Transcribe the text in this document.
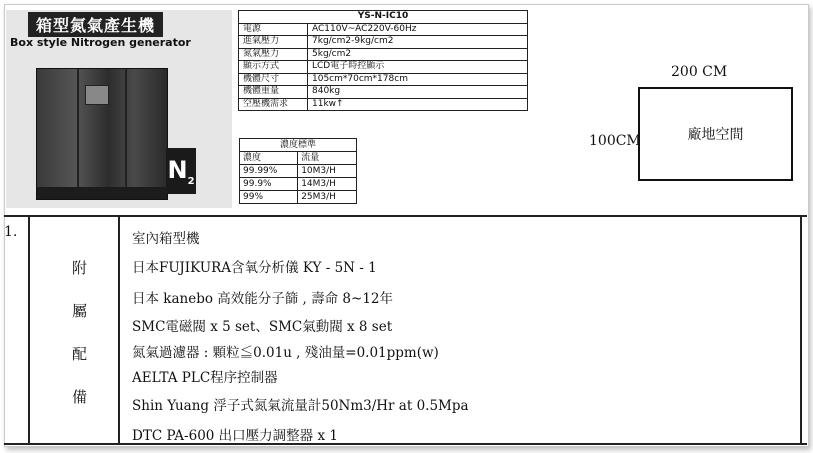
箱型氮氣產生機
Box style Nitrogen generator
$N_2$
YS-N-IC10	
電源	AC110V~AC220V-60Hz
進氣壓力	7kg/cm2-9kg/cm2
氮氣壓力	5kg/cm2
顯示方式	LCD電子時控顯示
機體尺寸	105cm*70cm*178cm
機體重量	840kg
空壓機需求	11kw↑
濃度標準	
濃度	流量
99.99%	10M3/H
99.9%	14M3/H
99%	25M3/H
200 CM
100CM	廠地空間
1.
附
屬
配
備
室內箱型機
日本FUJIKURA含氧分析儀 KY - 5N - 1
日本 kanebo 高效能分子篩 , 壽命 8~12年
SMC電磁閥 x 5 set、SMC氣動閥 x 8 set
氮氣過濾器 : 顆粒≦0.01u , 殘油量=0.01ppm(w)
AELTA PLC程序控制器
Shin Yuang 浮子式氮氣流量計50Nm3/Hr at 0.5Mpa
DTC PA-600 出口壓力調整器 x 1
